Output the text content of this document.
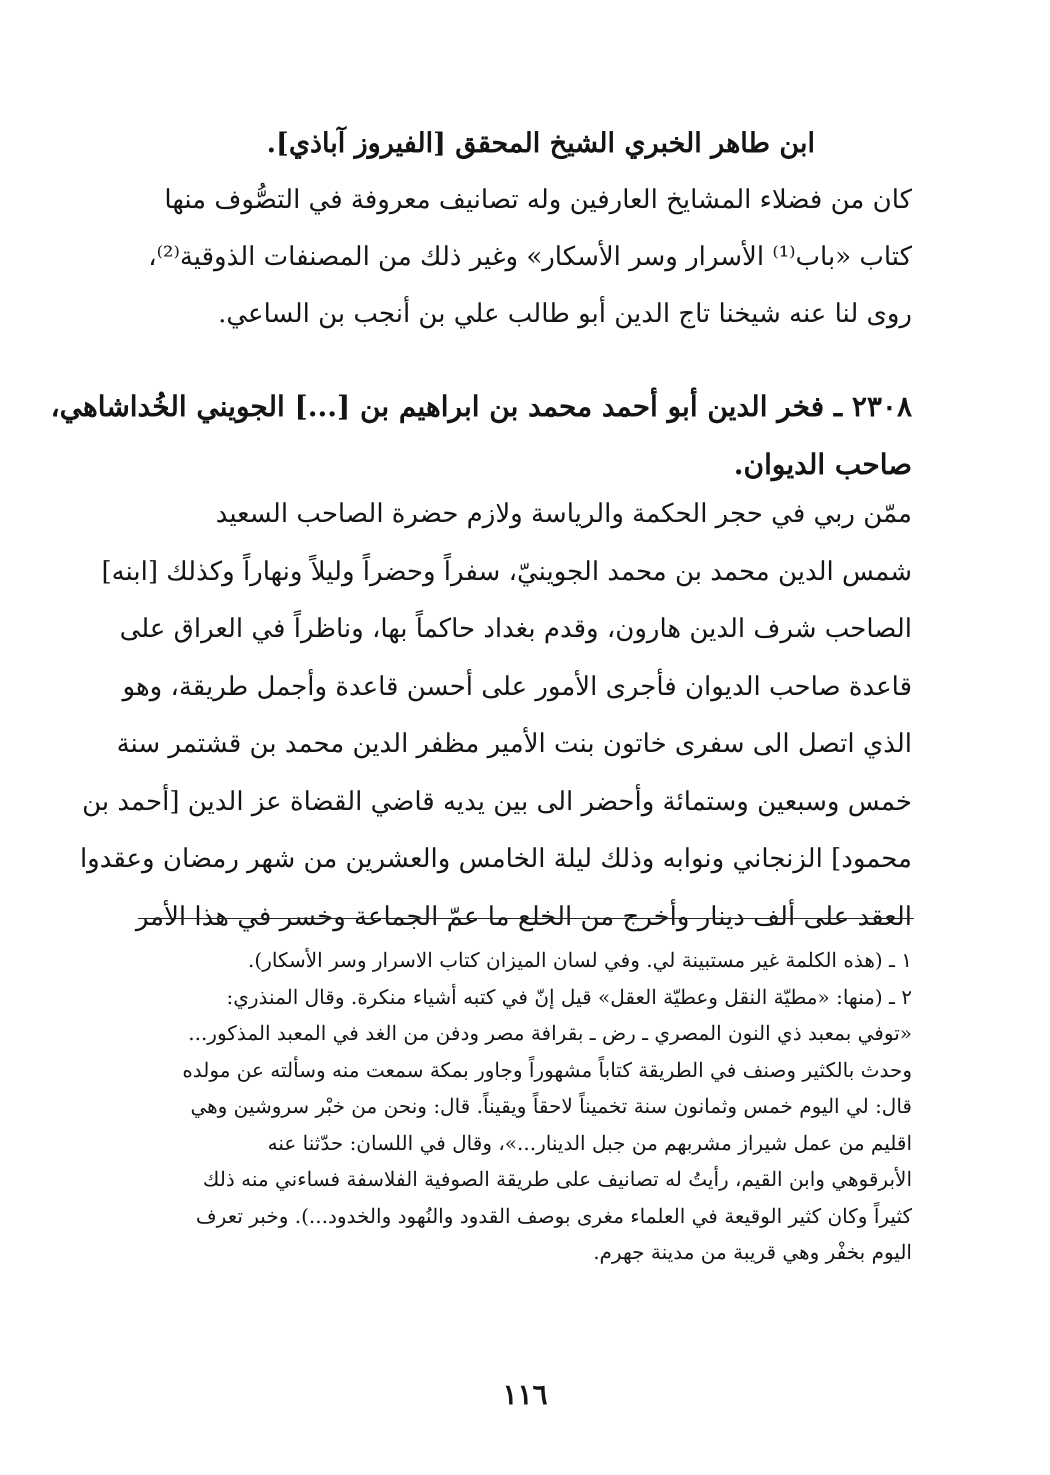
ابن طاهر الخبري الشيخ المحقق [الفيروز آباذي].
كان من فضلاء المشايخ العارفين وله تصانيف معروفة في التصُّوف منها
كتاب «باب⁽¹⁾ الأسرار وسر الأسكار» وغير ذلك من المصنفات الذوقية⁽²⁾،
روى لنا عنه شيخنا تاج الدين أبو طالب علي بن أنجب بن الساعي.
٢٣٠٨ ـ فخر الدين أبو أحمد محمد بن ابراهيم بن [...] الجويني الخُداشاهي،
صاحب الديوان.
ممّن ربي في حجر الحكمة والرياسة ولازم حضرة الصاحب السعيد
شمس الدين محمد بن محمد الجوينيّ، سفراً وحضراً وليلاً ونهاراً وكذلك [ابنه]
الصاحب شرف الدين هارون، وقدم بغداد حاكماً بها، وناظراً في العراق على
قاعدة صاحب الديوان فأجرى الأمور على أحسن قاعدة وأجمل طريقة، وهو
الذي اتصل الى سفرى خاتون بنت الأمير مظفر الدين محمد بن قشتمر سنة
خمس وسبعين وستمائة وأحضر الى بين يديه قاضي القضاة عز الدين [أحمد بن
محمود] الزنجاني ونوابه وذلك ليلة الخامس والعشرين من شهر رمضان وعقدوا
العقد على ألف دينار وأخرج من الخلع ما عمّ الجماعة وخسر في هذا الأمر
١ ـ (هذه الكلمة غير مستبينة لي. وفي لسان الميزان كتاب الاسرار وسر الأسكار).
٢ ـ (منها: «مطيّة النقل وعطيّة العقل» قيل إنّ في كتبه أشياء منكرة. وقال المنذري:
«توفي بمعبد ذي النون المصري ـ رض ـ بقرافة مصر ودفن من الغد في المعبد المذكور...
وحدث بالكثير وصنف في الطريقة كتاباً مشهوراً وجاور بمكة سمعت منه وسألته عن مولده
قال: لي اليوم خمس وثمانون سنة تخميناً لاحقاً ويقيناً. قال: ونحن من خبْر سروشين وهي
اقليم من عمل شيراز مشربهم من جبل الدينار...»، وقال في اللسان: حدّثنا عنه
الأبرقوهي وابن القيم، رأيتُ له تصانيف على طريقة الصوفية الفلاسفة فساءني منه ذلك
كثيراً وكان كثير الوقيعة في العلماء مغرى بوصف القدود والنُهود والخدود...). وخبر تعرف
اليوم بخفْر وهي قريبة من مدينة جهرم.
١١٦
